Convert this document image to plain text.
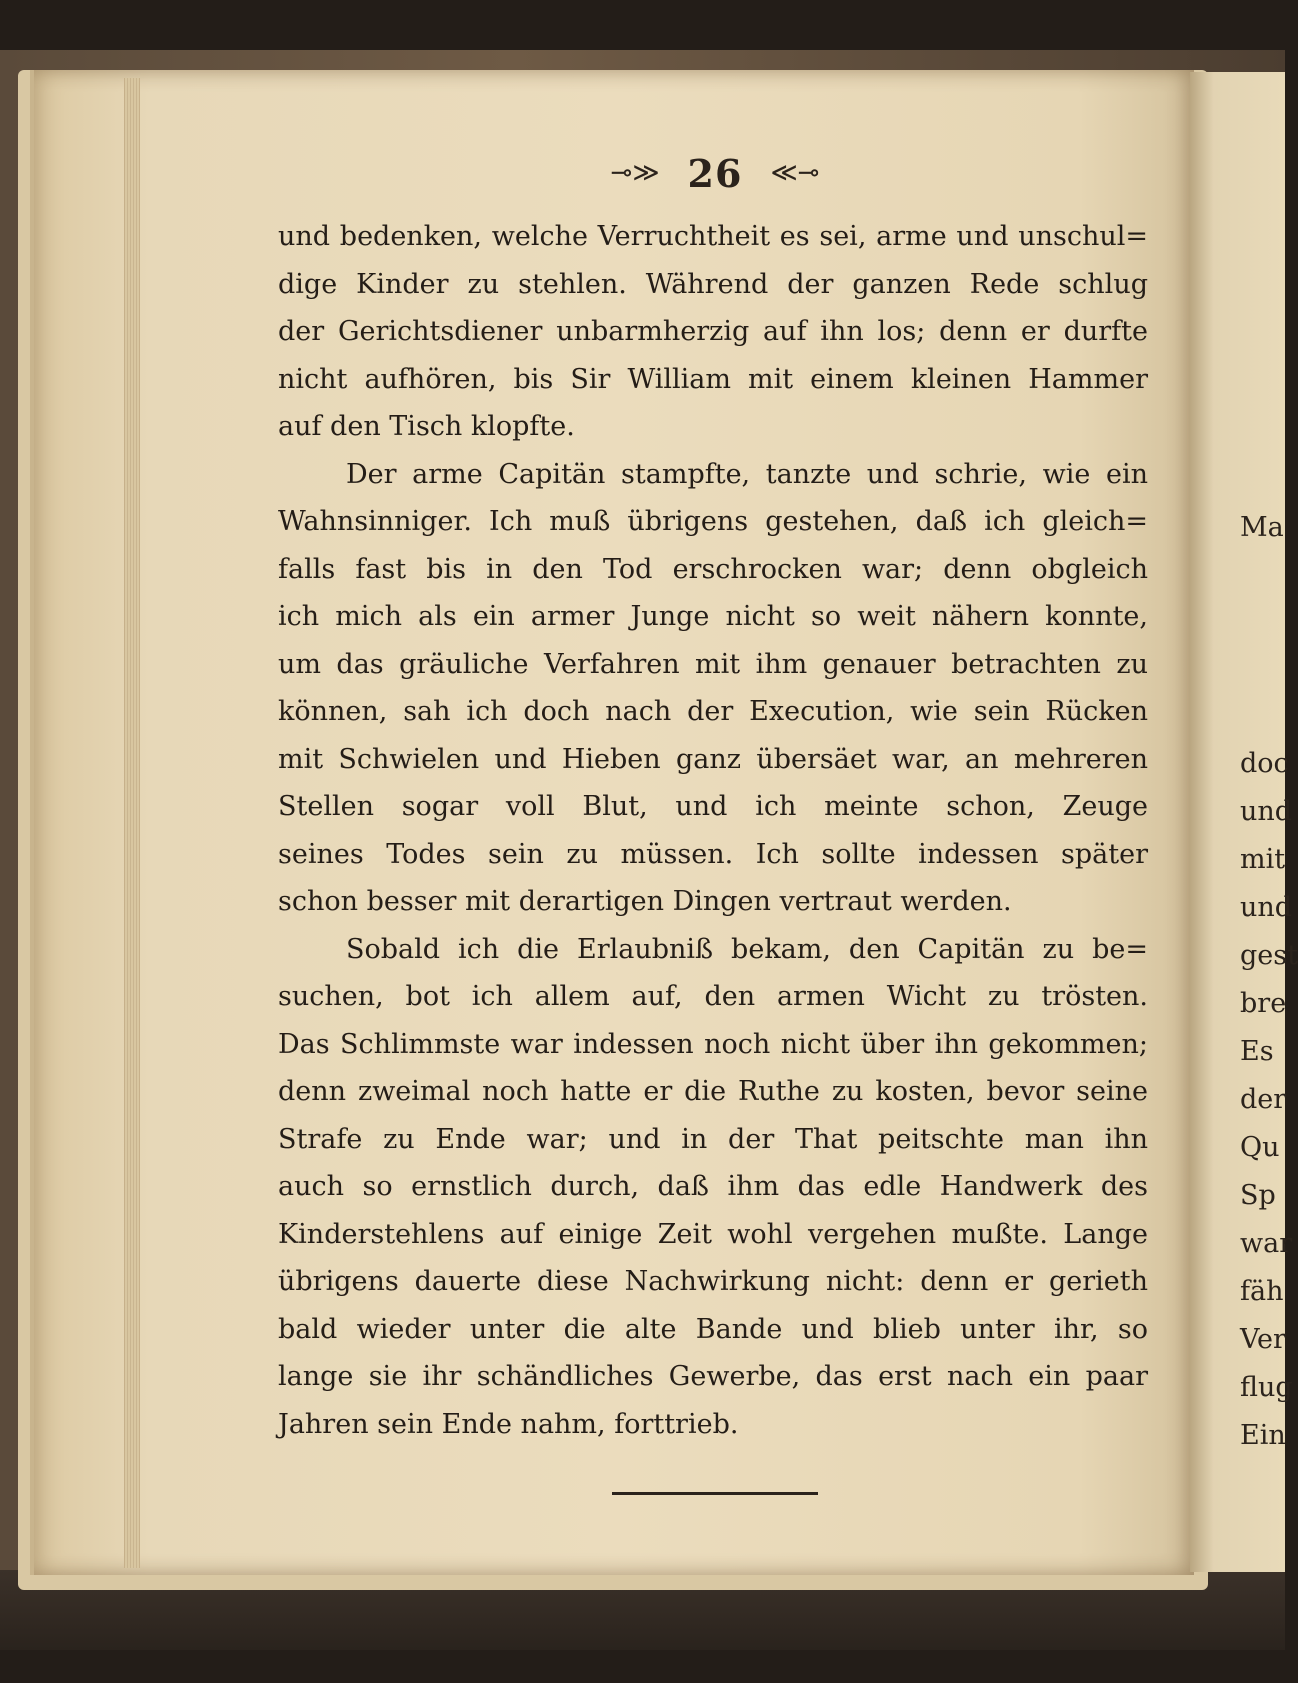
⊸≫ 26 ≪⊸
und bedenken, welche Verruchtheit es sei, arme und unschul=
dige Kinder zu stehlen. Während der ganzen Rede schlug
der Gerichtsdiener unbarmherzig auf ihn los; denn er durfte
nicht aufhören, bis Sir William mit einem kleinen Hammer
auf den Tisch klopfte.
Der arme Capitän stampfte, tanzte und schrie, wie ein
Wahnsinniger. Ich muß übrigens gestehen, daß ich gleich=
falls fast bis in den Tod erschrocken war; denn obgleich
ich mich als ein armer Junge nicht so weit nähern konnte,
um das gräuliche Verfahren mit ihm genauer betrachten zu
können, sah ich doch nach der Execution, wie sein Rücken
mit Schwielen und Hieben ganz übersäet war, an mehreren
Stellen sogar voll Blut, und ich meinte schon, Zeuge
seines Todes sein zu müssen. Ich sollte indessen später
schon besser mit derartigen Dingen vertraut werden.
Sobald ich die Erlaubniß bekam, den Capitän zu be=
suchen, bot ich allem auf, den armen Wicht zu trösten.
Das Schlimmste war indessen noch nicht über ihn gekommen;
denn zweimal noch hatte er die Ruthe zu kosten, bevor seine
Strafe zu Ende war; und in der That peitschte man ihn
auch so ernstlich durch, daß ihm das edle Handwerk des
Kinderstehlens auf einige Zeit wohl vergehen mußte. Lange
übrigens dauerte diese Nachwirkung nicht: denn er gerieth
bald wieder unter die alte Bande und blieb unter ihr, so
lange sie ihr schändliches Gewerbe, das erst nach ein paar
Jahren sein Ende nahm, forttrieb.
Ma
doc
und
mit
und
gest
bre
Es
der
Qu
Sp
war
fäh
Ver
flug
Ein
